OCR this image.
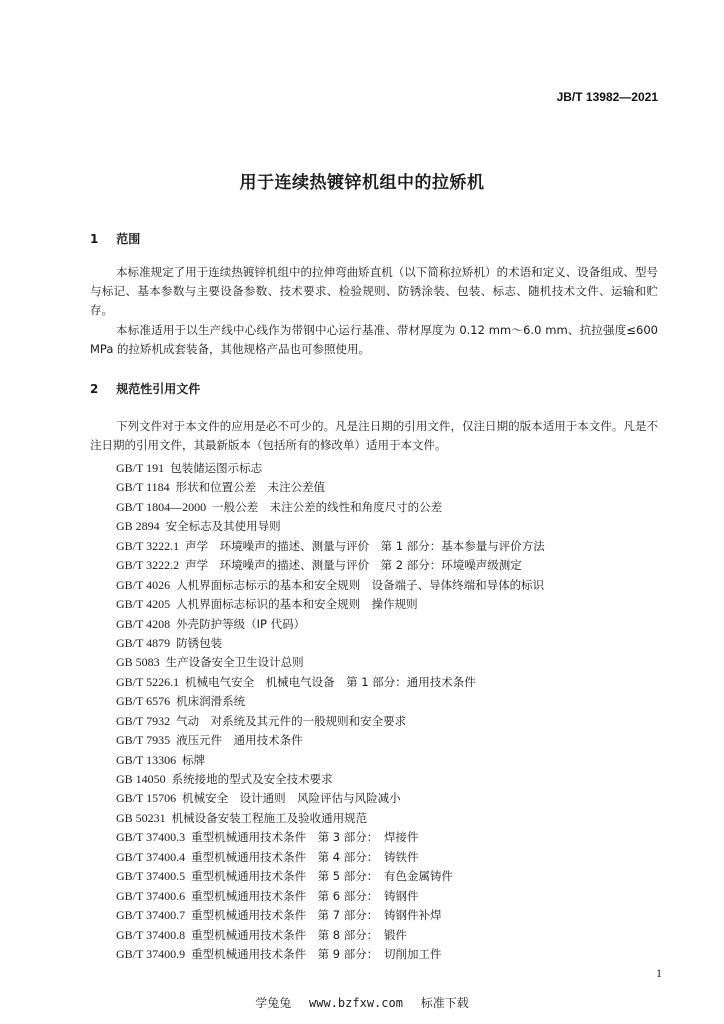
JB/T 13982—2021
用于连续热镀锌机组中的拉矫机
1 范围
本标准规定了用于连续热镀锌机组中的拉伸弯曲矫直机（以下简称拉矫机）的术语和定义、设备组成、型号与标记、基本参数与主要设备参数、技术要求、检验规则、防锈涂装、包装、标志、随机技术文件、运输和贮存。
本标准适用于以生产线中心线作为带钢中心运行基准、带材厚度为 0.12 mm～6.0 mm、抗拉强度≤600 MPa 的拉矫机成套装备，其他规格产品也可参照使用。
2 规范性引用文件
下列文件对于本文件的应用是必不可少的。凡是注日期的引用文件，仅注日期的版本适用于本文件。凡是不注日期的引用文件，其最新版本（包括所有的修改单）适用于本文件。
GB/T 191 包装储运图示标志
GB/T 1184 形状和位置公差　未注公差值
GB/T 1804—2000 一般公差　未注公差的线性和角度尺寸的公差
GB 2894 安全标志及其使用导则
GB/T 3222.1 声学　环境噪声的描述、测量与评价　第 1 部分：基本参量与评价方法
GB/T 3222.2 声学　环境噪声的描述、测量与评价　第 2 部分：环境噪声级测定
GB/T 4026 人机界面标志标示的基本和安全规则　设备端子、导体终端和导体的标识
GB/T 4205 人机界面标志标识的基本和安全规则　操作规则
GB/T 4208 外壳防护等级（IP 代码）
GB/T 4879 防锈包装
GB 5083 生产设备安全卫生设计总则
GB/T 5226.1 机械电气安全　机械电气设备　第 1 部分：通用技术条件
GB/T 6576 机床润滑系统
GB/T 7932 气动　对系统及其元件的一般规则和安全要求
GB/T 7935 液压元件　通用技术条件
GB/T 13306 标牌
GB 14050 系统接地的型式及安全技术要求
GB/T 15706 机械安全　设计通则　风险评估与风险减小
GB 50231 机械设备安装工程施工及验收通用规范
GB/T 37400.3 重型机械通用技术条件　第 3 部分：　焊接件
GB/T 37400.4 重型机械通用技术条件　第 4 部分：　铸铁件
GB/T 37400.5 重型机械通用技术条件　第 5 部分：　有色金属铸件
GB/T 37400.6 重型机械通用技术条件　第 6 部分：　铸钢件
GB/T 37400.7 重型机械通用技术条件　第 7 部分：　铸钢件补焊
GB/T 37400.8 重型机械通用技术条件　第 8 部分：　锻件
GB/T 37400.9 重型机械通用技术条件　第 9 部分：　切削加工件
1
学兔兔 www.bzfxw.com 标准下载
